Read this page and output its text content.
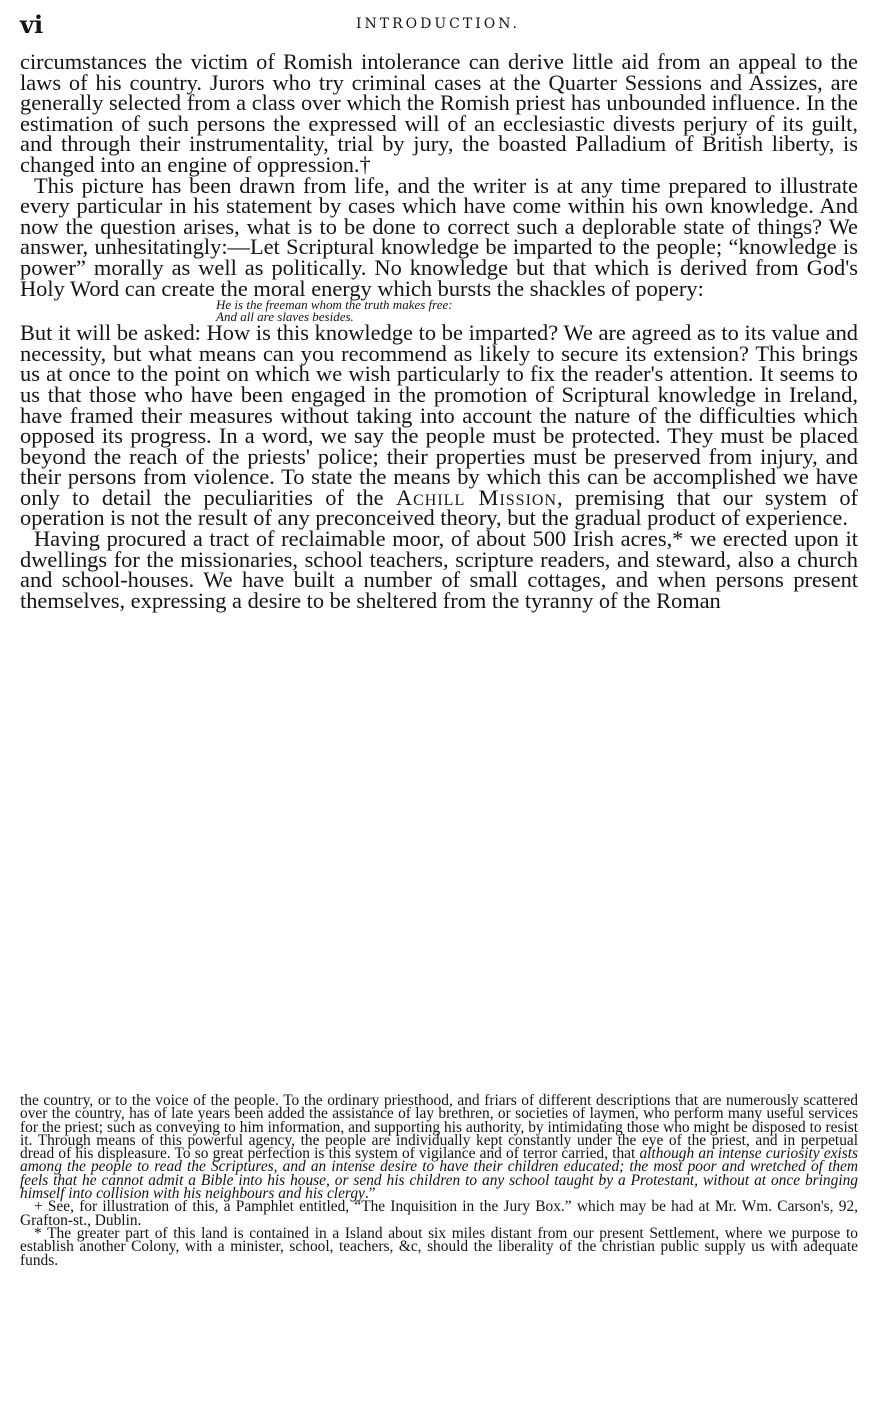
vi	INTRODUCTION.

circumstances the victim of Romish intolerance can derive little aid from an appeal to the laws of his country. Jurors who try criminal cases at the Quarter Sessions and Assizes, are generally selected from a class over which the Romish priest has unbounded influence. In the estimation of such persons the expressed will of an ecclesiastic divests perjury of its guilt, and through their instrumentality, trial by jury, the boasted Palladium of British liberty, is changed into an engine of oppression.†

This picture has been drawn from life, and the writer is at any time prepared to illustrate every particular in his statement by cases which have come within his own knowledge. And now the question arises, what is to be done to correct such a deplorable state of things? We answer, unhesitatingly:—Let Scriptural knowledge be imparted to the people; “knowledge is power” morally as well as politically. No knowledge but that which is derived from God's Holy Word can create the moral energy which bursts the shackles of popery:

He is the freeman whom the truth makes free:

And all are slaves besides.

But it will be asked: How is this knowledge to be imparted? We are agreed as to its value and necessity, but what means can you recommend as likely to secure its extension? This brings us at once to the point on which we wish particularly to fix the reader's attention. It seems to us that those who have been engaged in the promotion of Scriptural knowledge in Ireland, have framed their measures without taking into account the nature of the difficulties which opposed its progress. In a word, we say the people must be protected. They must be placed beyond the reach of the priests' police; their properties must be preserved from injury, and their persons from violence. To state the means by which this can be accomplished we have only to detail the peculiarities of the Achill Mission, premising that our system of operation is not the result of any preconceived theory, but the gradual product of experience.

Having procured a tract of reclaimable moor, of about 500 Irish acres,* we erected upon it dwellings for the missionaries, school teachers, scripture readers, and steward, also a church and school-houses. We have built a number of small cottages, and when persons present themselves, expressing a desire to be sheltered from the tyranny of the Roman

the country, or to the voice of the people. To the ordinary priesthood, and friars of different descriptions that are numerously scattered over the country, has of late years been added the assistance of lay brethren, or societies of laymen, who perform many useful services for the priest; such as conveying to him information, and supporting his authority, by intimidating those who might be disposed to resist it. Through means of this powerful agency, the people are individually kept constantly under the eye of the priest, and in perpetual dread of his displeasure. To so great perfection is this system of vigilance and of terror carried, that although an intense curiosity exists among the people to read the Scriptures, and an intense desire to have their children educated; the most poor and wretched of them feels that he cannot admit a Bible into his house, or send his children to any school taught by a Protestant, without at once bringing himself into collision with his neighbours and his clergy.”

+ See, for illustration of this, a Pamphlet entitled, “The Inquisition in the Jury Box.” which may be had at Mr. Wm. Carson's, 92, Grafton-st., Dublin.

* The greater part of this land is contained in a Island about six miles distant from our present Settlement, where we purpose to establish another Colony, with a minister, school, teachers, &c, should the liberality of the christian public supply us with adequate funds.
